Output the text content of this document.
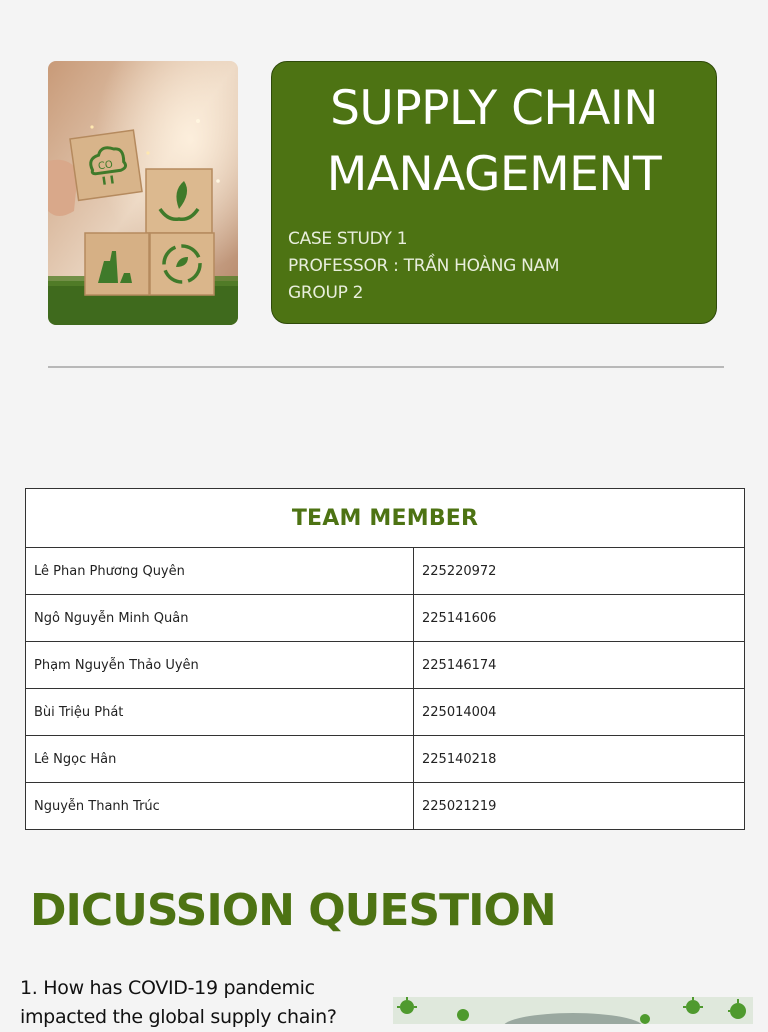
CO
SUPPLY CHAIN
MANAGEMENT
CASE STUDY 1
PROFESSOR : TRẦN HOÀNG NAM
GROUP 2
TEAM MEMBER	
Lê Phan Phương Quyên	225220972
Ngô Nguyễn Minh Quân	225141606
Phạm Nguyễn Thảo Uyên	225146174
Bùi Triệu Phát	225014004
Lê Ngọc Hân	225140218
Nguyễn Thanh Trúc	225021219
DICUSSION QUESTION
1. How has COVID-19 pandemic impacted the global supply chain?
